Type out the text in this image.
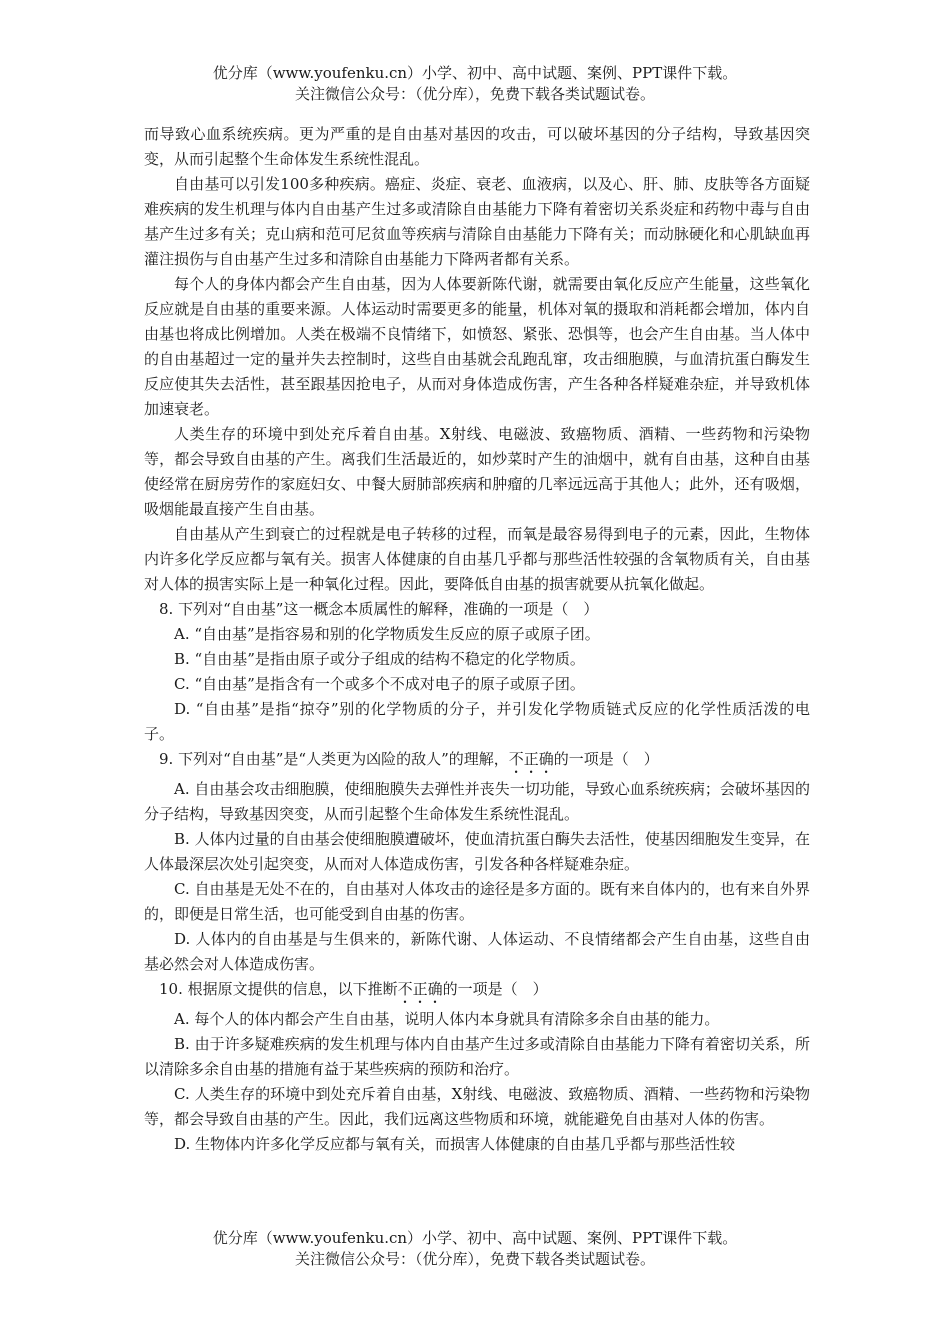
优分库（www.youfenku.cn）小学、初中、高中试题、案例、PPT课件下载。
关注微信公众号：（优分库），免费下载各类试题试卷。

而导致心血系统疾病。更为严重的是自由基对基因的攻击，可以破坏基因的分子结构，导致基因突变，从而引起整个生命体发生系统性混乱。

自由基可以引发100多种疾病。癌症、炎症、衰老、血液病，以及心、肝、肺、皮肤等各方面疑难疾病的发生机理与体内自由基产生过多或清除自由基能力下降有着密切关系炎症和药物中毒与自由基产生过多有关；克山病和范可尼贫血等疾病与清除自由基能力下降有关；而动脉硬化和心肌缺血再灌注损伤与自由基产生过多和清除自由基能力下降两者都有关系。

每个人的身体内都会产生自由基，因为人体要新陈代谢，就需要由氧化反应产生能量，这些氧化反应就是自由基的重要来源。人体运动时需要更多的能量，机体对氧的摄取和消耗都会增加，体内自由基也将成比例增加。人类在极端不良情绪下，如愤怒、紧张、恐惧等，也会产生自由基。当人体中的自由基超过一定的量并失去控制时，这些自由基就会乱跑乱窜，攻击细胞膜，与血清抗蛋白酶发生反应使其失去活性，甚至跟基因抢电子，从而对身体造成伤害，产生各种各样疑难杂症，并导致机体加速衰老。

人类生存的环境中到处充斥着自由基。X射线、电磁波、致癌物质、酒精、一些药物和污染物等，都会导致自由基的产生。离我们生活最近的，如炒菜时产生的油烟中，就有自由基，这种自由基使经常在厨房劳作的家庭妇女、中餐大厨肺部疾病和肿瘤的几率远远高于其他人；此外，还有吸烟，吸烟能最直接产生自由基。

自由基从产生到衰亡的过程就是电子转移的过程，而氧是最容易得到电子的元素，因此，生物体内许多化学反应都与氧有关。损害人体健康的自由基几乎都与那些活性较强的含氧物质有关，自由基对人体的损害实际上是一种氧化过程。因此，要降低自由基的损害就要从抗氧化做起。

8. 下列对“自由基”这一概念本质属性的解释，准确的一项是（　）

A. “自由基”是指容易和别的化学物质发生反应的原子或原子团。

B. “自由基”是指由原子或分子组成的结构不稳定的化学物质。

C. “自由基”是指含有一个或多个不成对电子的原子或原子团。

D. “自由基”是指“掠夺”别的化学物质的分子，并引发化学物质链式反应的化学性质活泼的电子。

9. 下列对“自由基”是“人类更为凶险的敌人”的理解，不正确的一项是（　）

A. 自由基会攻击细胞膜，使细胞膜失去弹性并丧失一切功能，导致心血系统疾病；会破坏基因的分子结构，导致基因突变，从而引起整个生命体发生系统性混乱。

B. 人体内过量的自由基会使细胞膜遭破坏，使血清抗蛋白酶失去活性，使基因细胞发生变异，在人体最深层次处引起突变，从而对人体造成伤害，引发各种各样疑难杂症。

C. 自由基是无处不在的，自由基对人体攻击的途径是多方面的。既有来自体内的，也有来自外界的，即便是日常生活，也可能受到自由基的伤害。

D. 人体内的自由基是与生俱来的，新陈代谢、人体运动、不良情绪都会产生自由基，这些自由基必然会对人体造成伤害。

10. 根据原文提供的信息，以下推断不正确的一项是（　）

A. 每个人的体内都会产生自由基，说明人体内本身就具有清除多余自由基的能力。

B. 由于许多疑难疾病的发生机理与体内自由基产生过多或清除自由基能力下降有着密切关系，所以清除多余自由基的措施有益于某些疾病的预防和治疗。

C. 人类生存的环境中到处充斥着自由基，X射线、电磁波、致癌物质、酒精、一些药物和污染物等，都会导致自由基的产生。因此，我们远离这些物质和环境，就能避免自由基对人体的伤害。

D. 生物体内许多化学反应都与氧有关，而损害人体健康的自由基几乎都与那些活性较

优分库（www.youfenku.cn）小学、初中、高中试题、案例、PPT课件下载。
关注微信公众号：（优分库），免费下载各类试题试卷。
